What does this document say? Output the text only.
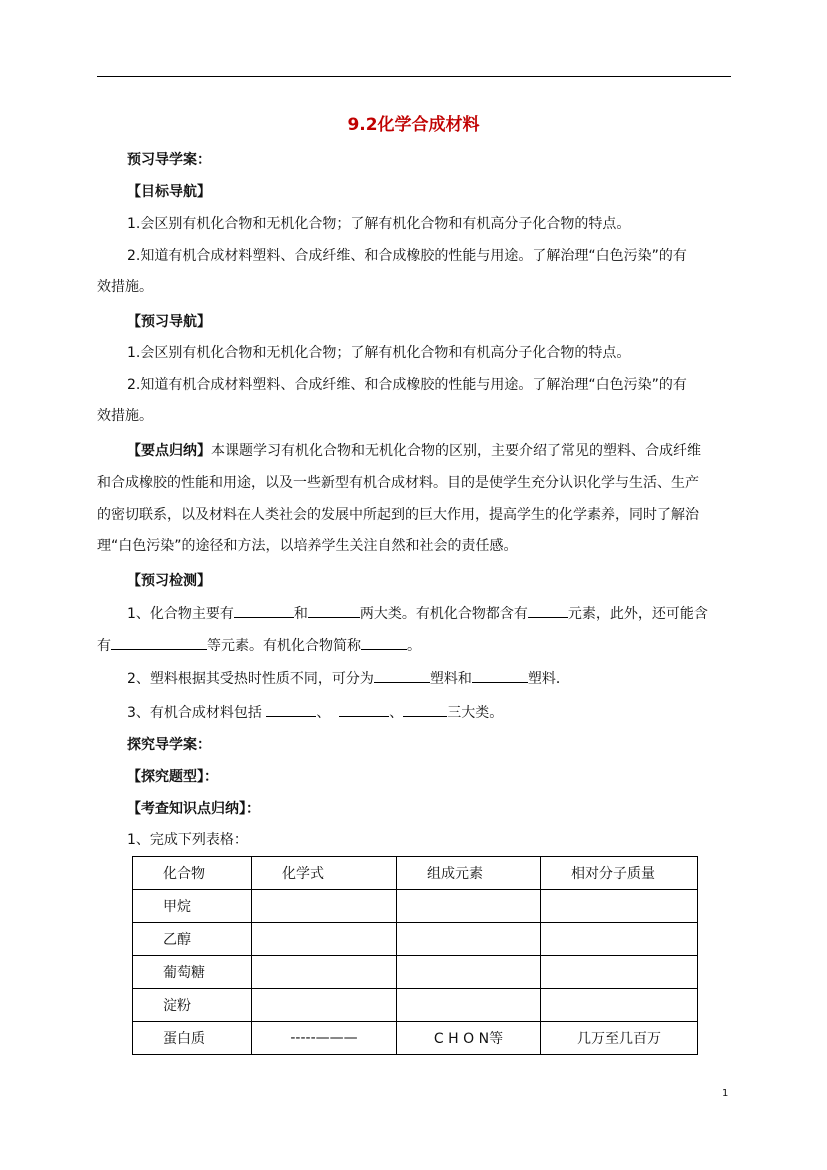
9.2化学合成材料
预习导学案：
【目标导航】
1.会区别有机化合物和无机化合物；了解有机化合物和有机高分子化合物的特点。
2.知道有机合成材料塑料、合成纤维、和合成橡胶的性能与用途。了解治理“白色污染”的有
效措施。
【预习导航】
1.会区别有机化合物和无机化合物；了解有机化合物和有机高分子化合物的特点。
2.知道有机合成材料塑料、合成纤维、和合成橡胶的性能与用途。了解治理“白色污染”的有
效措施。
【要点归纳】本课题学习有机化合物和无机化合物的区别，主要介绍了常见的塑料、合成纤维
和合成橡胶的性能和用途，以及一些新型有机合成材料。目的是使学生充分认识化学与生活、生产
的密切联系，以及材料在人类社会的发展中所起到的巨大作用，提高学生的化学素养，同时了解治
理“白色污染”的途径和方法，以培养学生关注自然和社会的责任感。
【预习检测】
1、化合物主要有	和	两大类。有机化合物都含有	元素，此外，还可能含
有	等元素。有机化合物简称	。
2、塑料根据其受热时性质不同，可分为	塑料和	塑料．
3、有机合成材料包括	、	、	三大类。
探究导学案：
【探究题型】：
【考查知识点归纳】：
1、完成下列表格：
化合物	化学式	组成元素	相对分子质量
甲烷			
乙醇			
葡萄糖			
淀粉			
蛋白质	-----———	C H O N等	几万至几百万
1
